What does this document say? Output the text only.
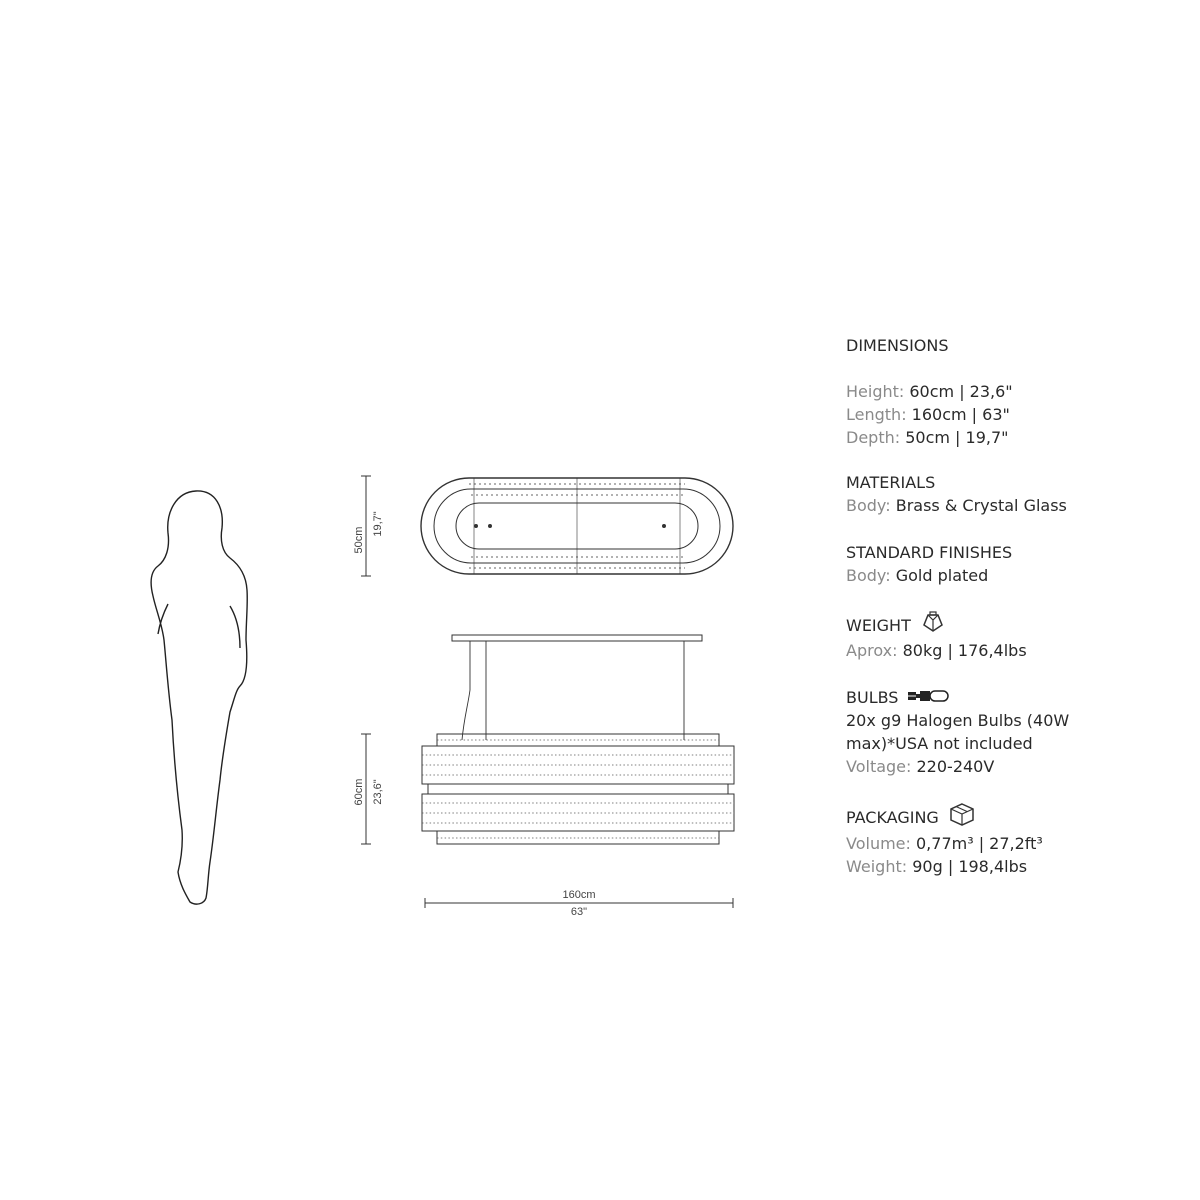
50cm
19,7"
60cm 23,6"
160cm
63"
DIMENSIONS
Height: 60cm | 23,6"
Length: 160cm | 63"
Depth: 50cm | 19,7"
MATERIALS
Body: Brass & Crystal Glass
STANDARD FINISHES
Body: Gold plated
WEIGHT
Aprox: 80kg | 176,4lbs
BULBS
20x g9 Halogen Bulbs (40W
max)*USA not included
Voltage: 220-240V
PACKAGING
Volume: 0,77m³ | 27,2ft³
Weight: 90g | 198,4lbs
